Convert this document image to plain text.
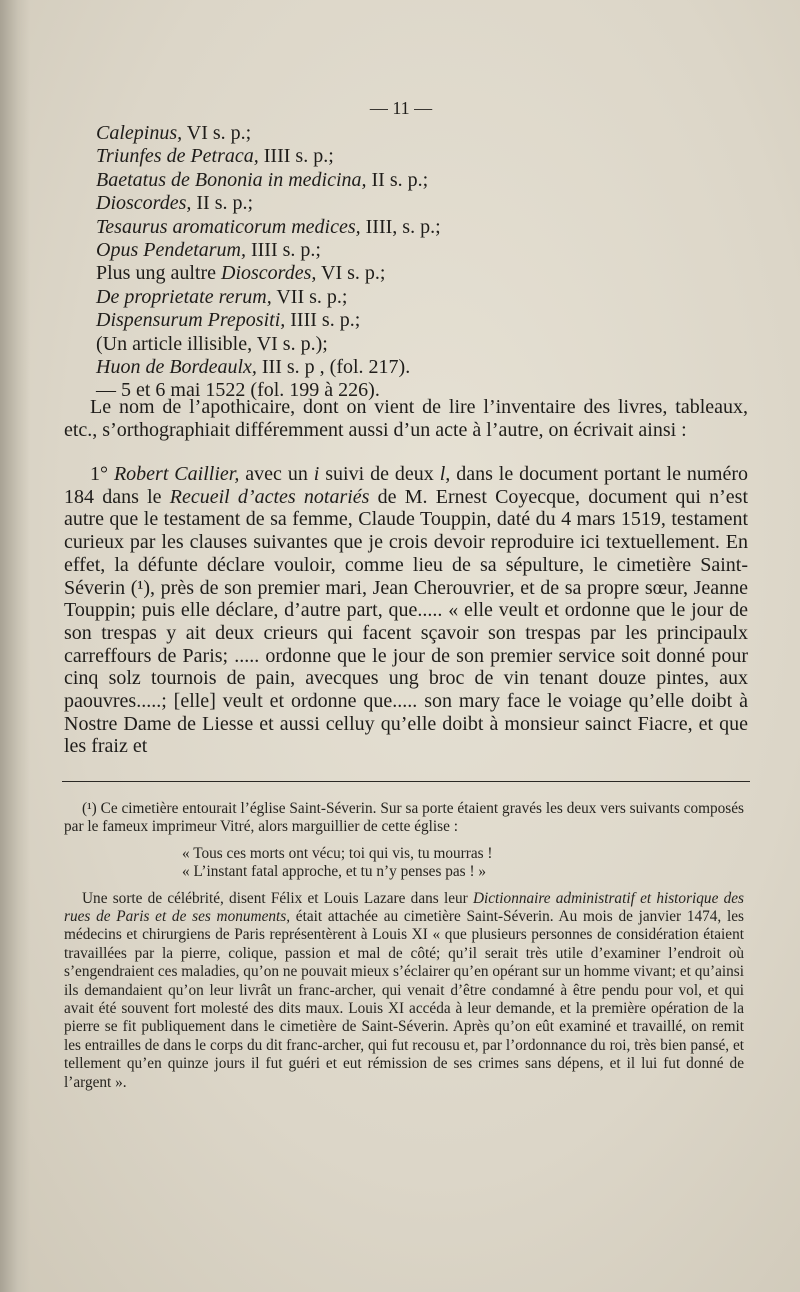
— 11 —
Calepinus, VI s. p.;
Triunfes de Petraca, IIII s. p.;
Baetatus de Bononia in medicina, II s. p.;
Dioscordes, II s. p.;
Tesaurus aromaticorum medices, IIII, s. p.;
Opus Pendetarum, IIII s. p.;
Plus ung aultre Dioscordes, VI s. p.;
De proprietate rerum, VII s. p.;
Dispensurum Prepositi, IIII s. p.;
(Un article illisible, VI s. p.);
Huon de Bordeaulx, III s. p , (fol. 217).
— 5 et 6 mai 1522 (fol. 199 à 226).

Le nom de l’apothicaire, dont on vient de lire l’inventaire des livres, tableaux, etc., s’orthographiait différemment aussi d’un acte à l’autre, on écrivait ainsi :

1° Robert Caillier, avec un i suivi de deux l, dans le document portant le numéro 184 dans le Recueil d’actes notariés de M. Ernest Coyecque, document qui n’est autre que le testament de sa femme, Claude Touppin, daté du 4 mars 1519, testament curieux par les clauses suivantes que je crois devoir reproduire ici textuellement. En effet, la défunte déclare vouloir, comme lieu de sa sépulture, le cimetière Saint-Séverin (¹), près de son premier mari, Jean Cherouvrier, et de sa propre sœur, Jeanne Touppin; puis elle déclare, d’autre part, que..... « elle veult et ordonne que le jour de son trespas y ait deux crieurs qui facent sçavoir son trespas par les principaulx carreffours de Paris; ..... ordonne que le jour de son premier service soit donné pour cinq solz tournois de pain, avecques ung broc de vin tenant douze pintes, aux paouvres.....; [elle] veult et ordonne que..... son mary face le voiage qu’elle doibt à Nostre Dame de Liesse et aussi celluy qu’elle doibt à monsieur sainct Fiacre, et que les fraiz et

(¹) Ce cimetière entourait l’église Saint-Séverin. Sur sa porte étaient gravés les deux vers suivants composés par le fameux imprimeur Vitré, alors marguillier de cette église :

« Tous ces morts ont vécu; toi qui vis, tu mourras !

« L’instant fatal approche, et tu n’y penses pas ! »

Une sorte de célébrité, disent Félix et Louis Lazare dans leur Dictionnaire administratif et historique des rues de Paris et de ses monuments, était attachée au cimetière Saint-Séverin. Au mois de janvier 1474, les médecins et chirurgiens de Paris représentèrent à Louis XI « que plusieurs personnes de considération étaient travaillées par la pierre, colique, passion et mal de côté; qu’il serait très utile d’examiner l’endroit où s’engendraient ces maladies, qu’on ne pouvait mieux s’éclairer qu’en opérant sur un homme vivant; et qu’ainsi ils demandaient qu’on leur livrât un franc-archer, qui venait d’être condamné à être pendu pour vol, et qui avait été souvent fort molesté des dits maux. Louis XI accéda à leur demande, et la première opération de la pierre se fit publiquement dans le cimetière de Saint-Séverin. Après qu’on eût examiné et travaillé, on remit les entrailles de dans le corps du dit franc-archer, qui fut recousu et, par l’ordonnance du roi, très bien pansé, et tellement qu’en quinze jours il fut guéri et eut rémission de ses crimes sans dépens, et il lui fut donné de l’argent ».
